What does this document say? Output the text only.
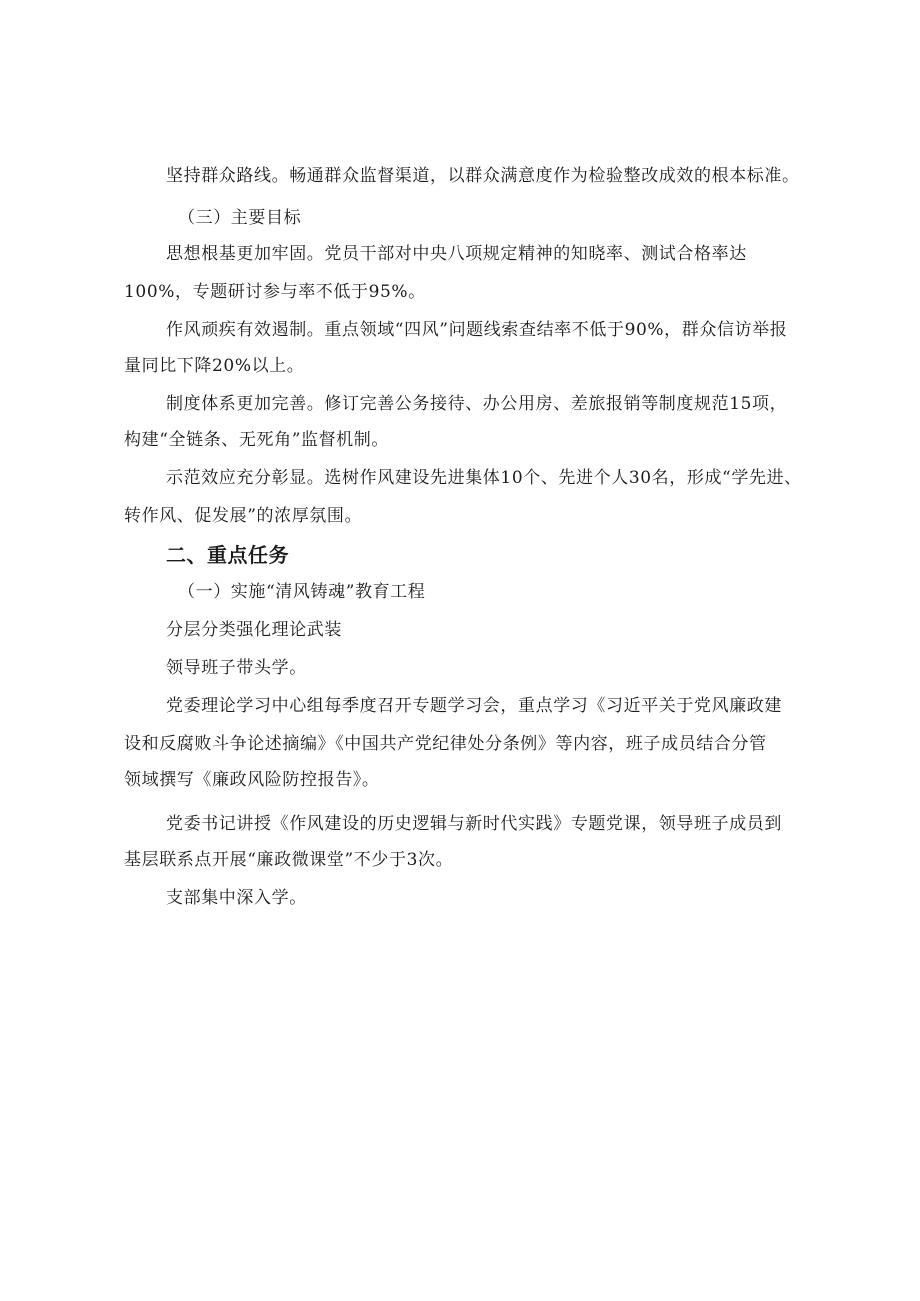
坚持群众路线。畅通群众监督渠道，以群众满意度作为检验整改成效的根本标准。
（三）主要目标
思想根基更加牢固。党员干部对中央八项规定精神的知晓率、测试合格率达
100%，专题研讨参与率不低于95%。
作风顽疾有效遏制。重点领域“四风”问题线索查结率不低于90%，群众信访举报
量同比下降20%以上。
制度体系更加完善。修订完善公务接待、办公用房、差旅报销等制度规范15项，
构建“全链条、无死角”监督机制。
示范效应充分彰显。选树作风建设先进集体10个、先进个人30名，形成“学先进、
转作风、促发展”的浓厚氛围。
二、重点任务
（一）实施“清风铸魂”教育工程
分层分类强化理论武装
领导班子带头学。
党委理论学习中心组每季度召开专题学习会，重点学习《习近平关于党风廉政建
设和反腐败斗争论述摘编》《中国共产党纪律处分条例》等内容，班子成员结合分管
领域撰写《廉政风险防控报告》。
党委书记讲授《作风建设的历史逻辑与新时代实践》专题党课，领导班子成员到
基层联系点开展“廉政微课堂”不少于3次。
支部集中深入学。
